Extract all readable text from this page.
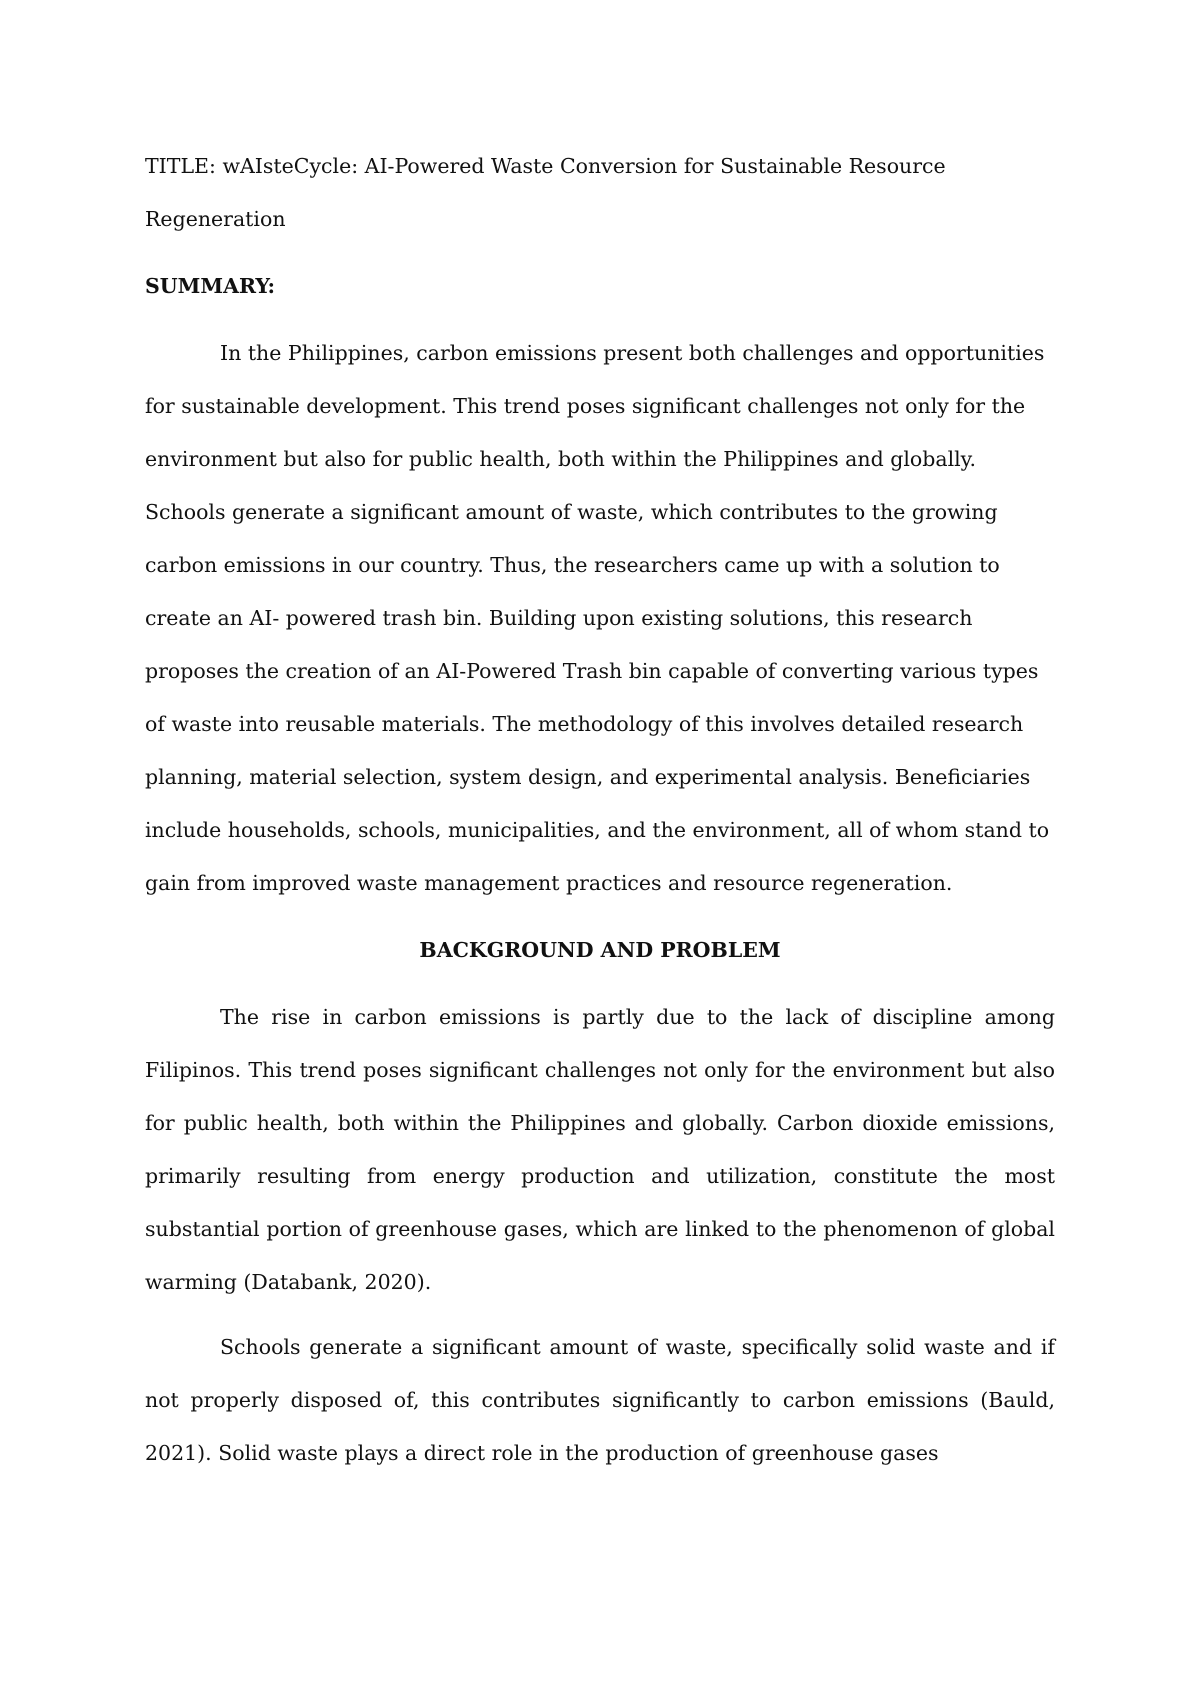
TITLE: wAIsteCycle: AI-Powered Waste Conversion for Sustainable Resource Regeneration

SUMMARY:

In the Philippines, carbon emissions present both challenges and opportunities for sustainable development. This trend poses significant challenges not only for the environment but also for public health, both within the Philippines and globally. Schools generate a significant amount of waste, which contributes to the growing carbon emissions in our country. Thus, the researchers came up with a solution to create an AI- powered trash bin. Building upon existing solutions, this research proposes the creation of an AI-Powered Trash bin capable of converting various types of waste into reusable materials. The methodology of this involves detailed research planning, material selection, system design, and experimental analysis. Beneficiaries include households, schools, municipalities, and the environment, all of whom stand to gain from improved waste management practices and resource regeneration.

BACKGROUND AND PROBLEM

The rise in carbon emissions is partly due to the lack of discipline among Filipinos. This trend poses significant challenges not only for the environment but also for public health, both within the Philippines and globally. Carbon dioxide emissions, primarily resulting from energy production and utilization, constitute the most substantial portion of greenhouse gases, which are linked to the phenomenon of global warming (Databank, 2020).

Schools generate a significant amount of waste, specifically solid waste and if not properly disposed of, this contributes significantly to carbon emissions (Bauld, 2021). Solid waste plays a direct role in the production of greenhouse gases
